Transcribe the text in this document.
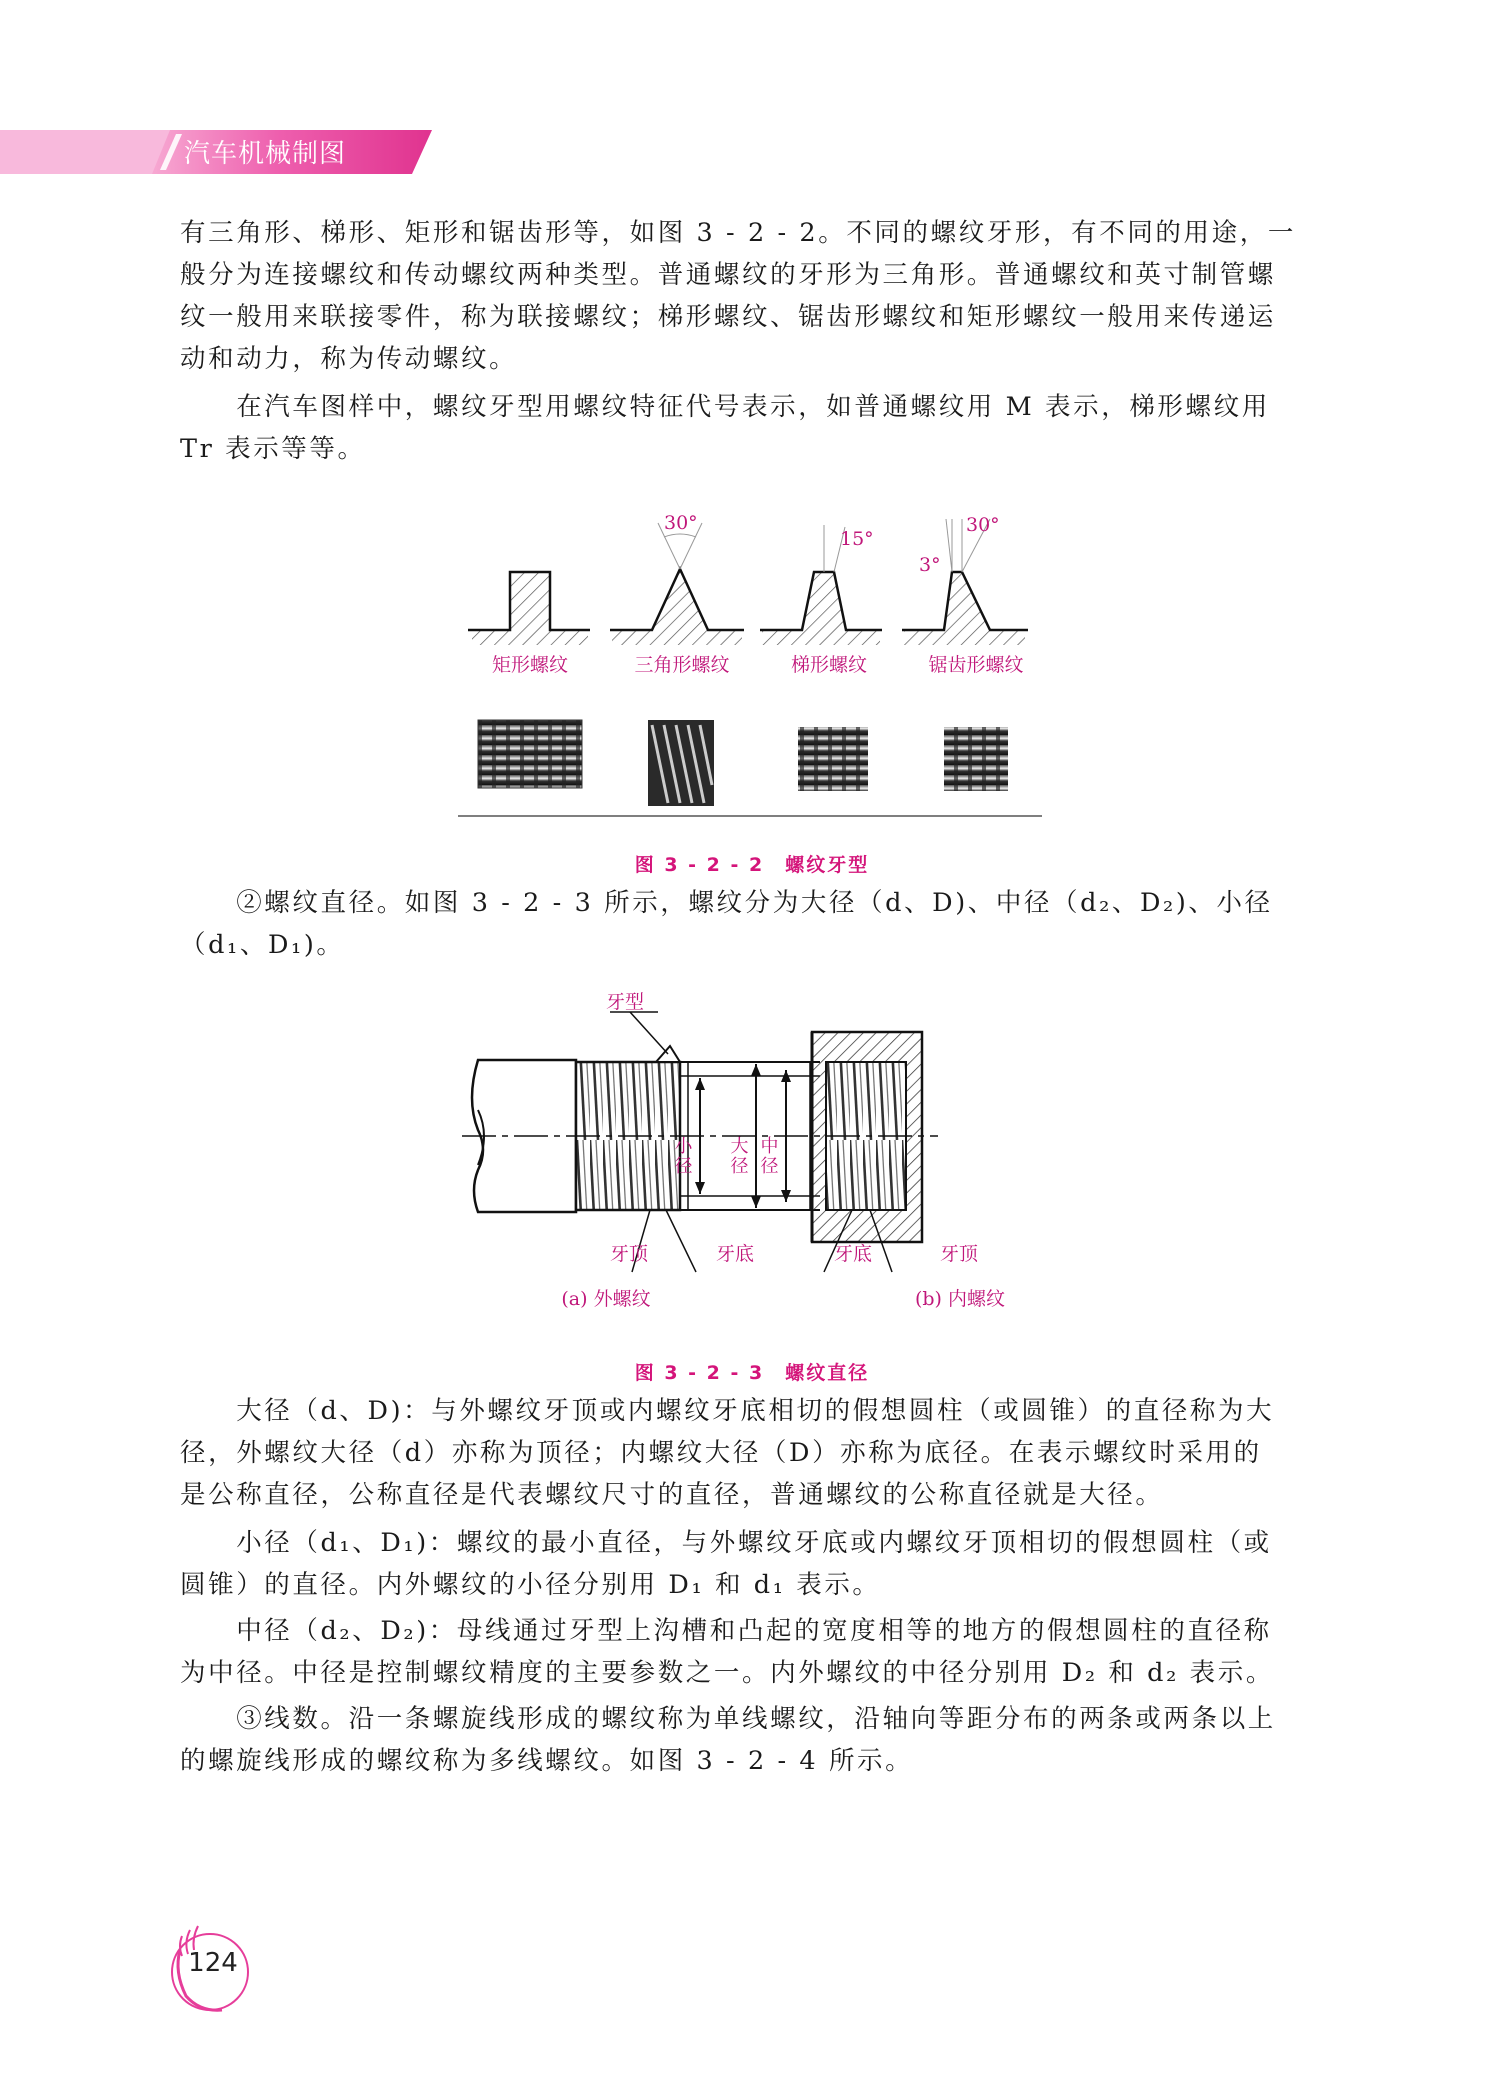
汽车机械制图
有三角形、梯形、矩形和锯齿形等，如图 3 - 2 - 2。不同的螺纹牙形，有不同的用途，一
般分为连接螺纹和传动螺纹两种类型。普通螺纹的牙形为三角形。普通螺纹和英寸制管螺
纹一般用来联接零件，称为联接螺纹；梯形螺纹、锯齿形螺纹和矩形螺纹一般用来传递运
动和动力，称为传动螺纹。
　　在汽车图样中，螺纹牙型用螺纹特征代号表示，如普通螺纹用 M 表示，梯形螺纹用
Tr 表示等等。
30°
15°
3°
30°
矩形螺纹	三角形螺纹	梯形螺纹	锯齿形螺纹
图 3 - 2 - 2　螺纹牙型
　　②螺纹直径。如图 3 - 2 - 3 所示，螺纹分为大径（d、D)、中径（d₂、D₂)、小径
（d₁、D₁)。
小径 大径 中径
牙型
牙顶	牙底	牙底	牙顶
(a) 外螺纹	(b) 内螺纹
图 3 - 2 - 3　螺纹直径
　　大径（d、D)：与外螺纹牙顶或内螺纹牙底相切的假想圆柱（或圆锥）的直径称为大
径，外螺纹大径（d）亦称为顶径；内螺纹大径（D）亦称为底径。在表示螺纹时采用的
是公称直径，公称直径是代表螺纹尺寸的直径，普通螺纹的公称直径就是大径。
　　小径（d₁、D₁)：螺纹的最小直径，与外螺纹牙底或内螺纹牙顶相切的假想圆柱（或
圆锥）的直径。内外螺纹的小径分别用 D₁ 和 d₁ 表示。
　　中径（d₂、D₂)：母线通过牙型上沟槽和凸起的宽度相等的地方的假想圆柱的直径称
为中径。中径是控制螺纹精度的主要参数之一。内外螺纹的中径分别用 D₂ 和 d₂ 表示。
　　③线数。沿一条螺旋线形成的螺纹称为单线螺纹，沿轴向等距分布的两条或两条以上
的螺旋线形成的螺纹称为多线螺纹。如图 3 - 2 - 4 所示。
124
